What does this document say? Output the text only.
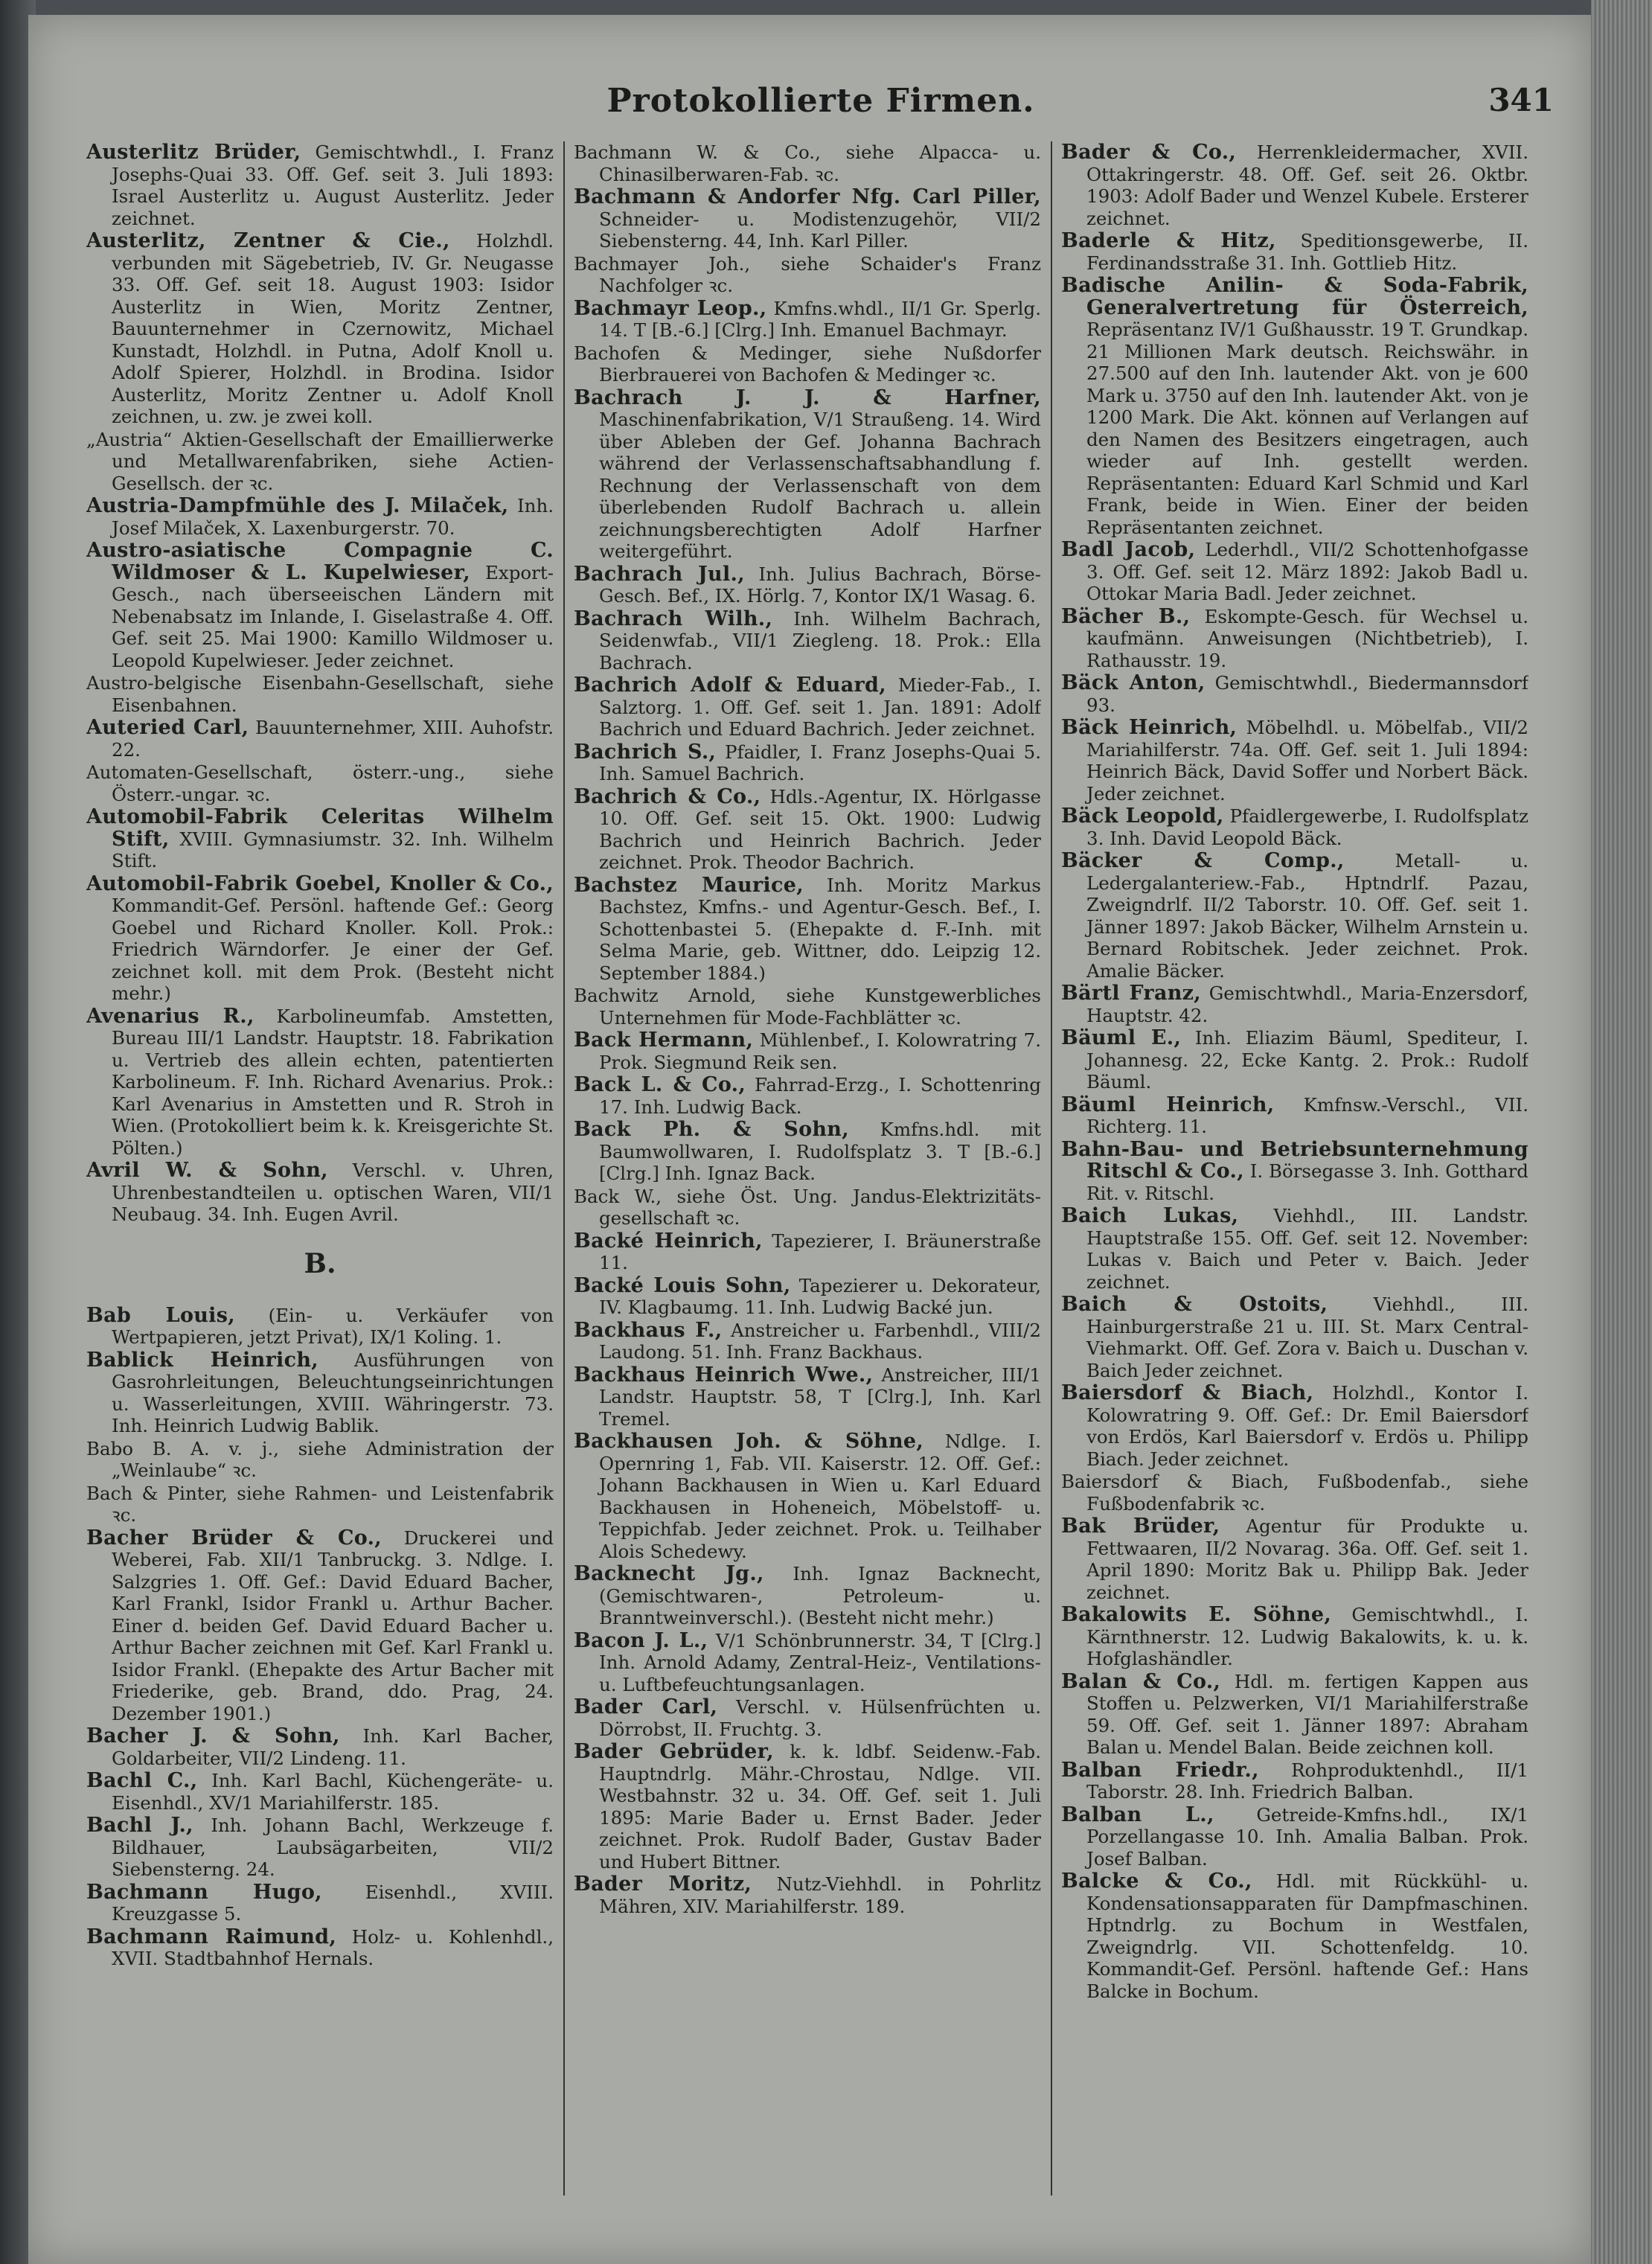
Protokollierte Firmen.	341

Austerlitz Brüder, Gemischtwhdl., I. Franz Josephs-Quai 33. Off. Gef. seit 3. Juli 1893: Israel Austerlitz u. August Austerlitz. Jeder zeichnet.

Austerlitz, Zentner & Cie., Holzhdl. verbunden mit Sägebetrieb, IV. Gr. Neugasse 33. Off. Gef. seit 18. August 1903: Isidor Austerlitz in Wien, Moritz Zentner, Bauunternehmer in Czernowitz, Michael Kunstadt, Holzhdl. in Putna, Adolf Knoll u. Adolf Spierer, Holzhdl. in Brodina. Isidor Austerlitz, Moritz Zentner u. Adolf Knoll zeichnen, u. zw. je zwei koll.

„Austria“ Aktien-Gesellschaft der Emaillierwerke und Metallwarenfabriken, siehe Actien-Gesellsch. der ꝛc.

Austria-Dampfmühle des J. Milaček, Inh. Josef Milaček, X. Laxenburgerstr. 70.

Austro-asiatische Compagnie C. Wildmoser & L. Kupelwieser, Export-Gesch., nach überseeischen Ländern mit Nebenabsatz im Inlande, I. Giselastraße 4. Off. Gef. seit 25. Mai 1900: Kamillo Wildmoser u. Leopold Kupelwieser. Jeder zeichnet.

Austro-belgische Eisenbahn-Gesellschaft, siehe Eisenbahnen.

Auteried Carl, Bauunternehmer, XIII. Auhofstr. 22.

Automaten-Gesellschaft, österr.-ung., siehe Österr.-ungar. ꝛc.

Automobil-Fabrik Celeritas Wilhelm Stift, XVIII. Gymnasiumstr. 32. Inh. Wilhelm Stift.

Automobil-Fabrik Goebel, Knoller & Co., Kommandit-Gef. Persönl. haftende Gef.: Georg Goebel und Richard Knoller. Koll. Prok.: Friedrich Wärndorfer. Je einer der Gef. zeichnet koll. mit dem Prok. (Besteht nicht mehr.)

Avenarius R., Karbolineumfab. Amstetten, Bureau III/1 Landstr. Hauptstr. 18. Fabrikation u. Vertrieb des allein echten, patentierten Karbolineum. F. Inh. Richard Avenarius. Prok.: Karl Avenarius in Amstetten und R. Stroh in Wien. (Protokolliert beim k. k. Kreisgerichte St. Pölten.)

Avril W. & Sohn, Verschl. v. Uhren, Uhrenbestandteilen u. optischen Waren, VII/1 Neubaug. 34. Inh. Eugen Avril.

B.

Bab Louis, (Ein- u. Verkäufer von Wertpapieren, jetzt Privat), IX/1 Koling. 1.

Bablick Heinrich, Ausführungen von Gasrohrleitungen, Beleuchtungseinrichtungen u. Wasserleitungen, XVIII. Währingerstr. 73. Inh. Heinrich Ludwig Bablik.

Babo B. A. v. j., siehe Administration der „Weinlaube“ ꝛc.

Bach & Pinter, siehe Rahmen- und Leistenfabrik ꝛc.

Bacher Brüder & Co., Druckerei und Weberei, Fab. XII/1 Tanbruckg. 3. Ndlge. I. Salzgries 1. Off. Gef.: David Eduard Bacher, Karl Frankl, Isidor Frankl u. Arthur Bacher. Einer d. beiden Gef. David Eduard Bacher u. Arthur Bacher zeichnen mit Gef. Karl Frankl u. Isidor Frankl. (Ehepakte des Artur Bacher mit Friederike, geb. Brand, ddo. Prag, 24. Dezember 1901.)

Bacher J. & Sohn, Inh. Karl Bacher, Goldarbeiter, VII/2 Lindeng. 11.

Bachl C., Inh. Karl Bachl, Küchengeräte- u. Eisenhdl., XV/1 Mariahilferstr. 185.

Bachl J., Inh. Johann Bachl, Werkzeuge f. Bildhauer, Laubsägarbeiten, VII/2 Siebensterng. 24.

Bachmann Hugo, Eisenhdl., XVIII. Kreuzgasse 5.

Bachmann Raimund, Holz- u. Kohlenhdl., XVII. Stadtbahnhof Hernals.

Bachmann W. & Co., siehe Alpacca- u. Chinasilberwaren-Fab. ꝛc.

Bachmann & Andorfer Nfg. Carl Piller, Schneider- u. Modistenzugehör, VII/2 Siebensterng. 44, Inh. Karl Piller.

Bachmayer Joh., siehe Schaider's Franz Nachfolger ꝛc.

Bachmayr Leop., Kmfns.whdl., II/1 Gr. Sperlg. 14. T [B.-6.] [Clrg.] Inh. Emanuel Bachmayr.

Bachofen & Medinger, siehe Nußdorfer Bierbrauerei von Bachofen & Medinger ꝛc.

Bachrach J. J. & Harfner, Maschinenfabrikation, V/1 Straußeng. 14. Wird über Ableben der Gef. Johanna Bachrach während der Verlassenschaftsabhandlung f. Rechnung der Verlassenschaft von dem überlebenden Rudolf Bachrach u. allein zeichnungsberechtigten Adolf Harfner weitergeführt.

Bachrach Jul., Inh. Julius Bachrach, Börse-Gesch. Bef., IX. Hörlg. 7, Kontor IX/1 Wasag. 6.

Bachrach Wilh., Inh. Wilhelm Bachrach, Seidenwfab., VII/1 Ziegleng. 18. Prok.: Ella Bachrach.

Bachrich Adolf & Eduard, Mieder-Fab., I. Salztorg. 1. Off. Gef. seit 1. Jan. 1891: Adolf Bachrich und Eduard Bachrich. Jeder zeichnet.

Bachrich S., Pfaidler, I. Franz Josephs-Quai 5. Inh. Samuel Bachrich.

Bachrich & Co., Hdls.-Agentur, IX. Hörlgasse 10. Off. Gef. seit 15. Okt. 1900: Ludwig Bachrich und Heinrich Bachrich. Jeder zeichnet. Prok. Theodor Bachrich.

Bachstez Maurice, Inh. Moritz Markus Bachstez, Kmfns.- und Agentur-Gesch. Bef., I. Schottenbastei 5. (Ehepakte d. F.-Inh. mit Selma Marie, geb. Wittner, ddo. Leipzig 12. September 1884.)

Bachwitz Arnold, siehe Kunstgewerbliches Unternehmen für Mode-Fachblätter ꝛc.

Back Hermann, Mühlenbef., I. Kolowratring 7. Prok. Siegmund Reik sen.

Back L. & Co., Fahrrad-Erzg., I. Schottenring 17. Inh. Ludwig Back.

Back Ph. & Sohn, Kmfns.hdl. mit Baumwollwaren, I. Rudolfsplatz 3. T [B.-6.] [Clrg.] Inh. Ignaz Back.

Back W., siehe Öst. Ung. Jandus-Elektrizitäts-gesellschaft ꝛc.

Backé Heinrich, Tapezierer, I. Bräunerstraße 11.

Backé Louis Sohn, Tapezierer u. Dekorateur, IV. Klagbaumg. 11. Inh. Ludwig Backé jun.

Backhaus F., Anstreicher u. Farbenhdl., VIII/2 Laudong. 51. Inh. Franz Backhaus.

Backhaus Heinrich Wwe., Anstreicher, III/1 Landstr. Hauptstr. 58, T [Clrg.], Inh. Karl Tremel.

Backhausen Joh. & Söhne, Ndlge. I. Opernring 1, Fab. VII. Kaiserstr. 12. Off. Gef.: Johann Backhausen in Wien u. Karl Eduard Backhausen in Hoheneich, Möbelstoff- u. Teppichfab. Jeder zeichnet. Prok. u. Teilhaber Alois Schedewy.

Backnecht Jg., Inh. Ignaz Backnecht, (Gemischtwaren-, Petroleum- u. Branntweinverschl.). (Besteht nicht mehr.)

Bacon J. L., V/1 Schönbrunnerstr. 34, T [Clrg.] Inh. Arnold Adamy, Zentral-Heiz-, Ventilations- u. Luftbefeuchtungsanlagen.

Bader Carl, Verschl. v. Hülsenfrüchten u. Dörrobst, II. Fruchtg. 3.

Bader Gebrüder, k. k. ldbf. Seidenw.-Fab. Hauptndrlg. Mähr.-Chrostau, Ndlge. VII. Westbahnstr. 32 u. 34. Off. Gef. seit 1. Juli 1895: Marie Bader u. Ernst Bader. Jeder zeichnet. Prok. Rudolf Bader, Gustav Bader und Hubert Bittner.

Bader Moritz, Nutz-Viehhdl. in Pohrlitz Mähren, XIV. Mariahilferstr. 189.

Bader & Co., Herrenkleidermacher, XVII. Ottakringerstr. 48. Off. Gef. seit 26. Oktbr. 1903: Adolf Bader und Wenzel Kubele. Ersterer zeichnet.

Baderle & Hitz, Speditionsgewerbe, II. Ferdinandsstraße 31. Inh. Gottlieb Hitz.

Badische Anilin- & Soda-Fabrik, Generalvertretung für Österreich, Repräsentanz IV/1 Gußhausstr. 19 T. Grundkap. 21 Millionen Mark deutsch. Reichswähr. in 27.500 auf den Inh. lautender Akt. von je 600 Mark u. 3750 auf den Inh. lautender Akt. von je 1200 Mark. Die Akt. können auf Verlangen auf den Namen des Besitzers eingetragen, auch wieder auf Inh. gestellt werden. Repräsentanten: Eduard Karl Schmid und Karl Frank, beide in Wien. Einer der beiden Repräsentanten zeichnet.

Badl Jacob, Lederhdl., VII/2 Schottenhofgasse 3. Off. Gef. seit 12. März 1892: Jakob Badl u. Ottokar Maria Badl. Jeder zeichnet.

Bächer B., Eskompte-Gesch. für Wechsel u. kaufmänn. Anweisungen (Nichtbetrieb), I. Rathausstr. 19.

Bäck Anton, Gemischtwhdl., Biedermannsdorf 93.

Bäck Heinrich, Möbelhdl. u. Möbelfab., VII/2 Mariahilferstr. 74a. Off. Gef. seit 1. Juli 1894: Heinrich Bäck, David Soffer und Norbert Bäck. Jeder zeichnet.

Bäck Leopold, Pfaidlergewerbe, I. Rudolfsplatz 3. Inh. David Leopold Bäck.

Bäcker & Comp., Metall- u. Ledergalanteriew.-Fab., Hptndrlf. Pazau, Zweigndrlf. II/2 Taborstr. 10. Off. Gef. seit 1. Jänner 1897: Jakob Bäcker, Wilhelm Arnstein u. Bernard Robitschek. Jeder zeichnet. Prok. Amalie Bäcker.

Bärtl Franz, Gemischtwhdl., Maria-Enzersdorf, Hauptstr. 42.

Bäuml E., Inh. Eliazim Bäuml, Spediteur, I. Johannesg. 22, Ecke Kantg. 2. Prok.: Rudolf Bäuml.

Bäuml Heinrich, Kmfnsw.-Verschl., VII. Richterg. 11.

Bahn-Bau- und Betriebsunternehmung Ritschl & Co., I. Börsegasse 3. Inh. Gotthard Rit. v. Ritschl.

Baich Lukas, Viehhdl., III. Landstr. Hauptstraße 155. Off. Gef. seit 12. November: Lukas v. Baich und Peter v. Baich. Jeder zeichnet.

Baich & Ostoits, Viehhdl., III. Hainburgerstraße 21 u. III. St. Marx Central-Viehmarkt. Off. Gef. Zora v. Baich u. Duschan v. Baich Jeder zeichnet.

Baiersdorf & Biach, Holzhdl., Kontor I. Kolowratring 9. Off. Gef.: Dr. Emil Baiersdorf von Erdös, Karl Baiersdorf v. Erdös u. Philipp Biach. Jeder zeichnet.

Baiersdorf & Biach, Fußbodenfab., siehe Fußbodenfabrik ꝛc.

Bak Brüder, Agentur für Produkte u. Fettwaaren, II/2 Novarag. 36a. Off. Gef. seit 1. April 1890: Moritz Bak u. Philipp Bak. Jeder zeichnet.

Bakalowits E. Söhne, Gemischtwhdl., I. Kärnthnerstr. 12. Ludwig Bakalowits, k. u. k. Hofglashändler.

Balan & Co., Hdl. m. fertigen Kappen aus Stoffen u. Pelzwerken, VI/1 Mariahilferstraße 59. Off. Gef. seit 1. Jänner 1897: Abraham Balan u. Mendel Balan. Beide zeichnen koll.

Balban Friedr., Rohproduktenhdl., II/1 Taborstr. 28. Inh. Friedrich Balban.

Balban L., Getreide-Kmfns.hdl., IX/1 Porzellangasse 10. Inh. Amalia Balban. Prok. Josef Balban.

Balcke & Co., Hdl. mit Rückkühl- u. Kondensationsapparaten für Dampfmaschinen. Hptndrlg. zu Bochum in Westfalen, Zweigndrlg. VII. Schottenfeldg. 10. Kommandit-Gef. Persönl. haftende Gef.: Hans Balcke in Bochum.
